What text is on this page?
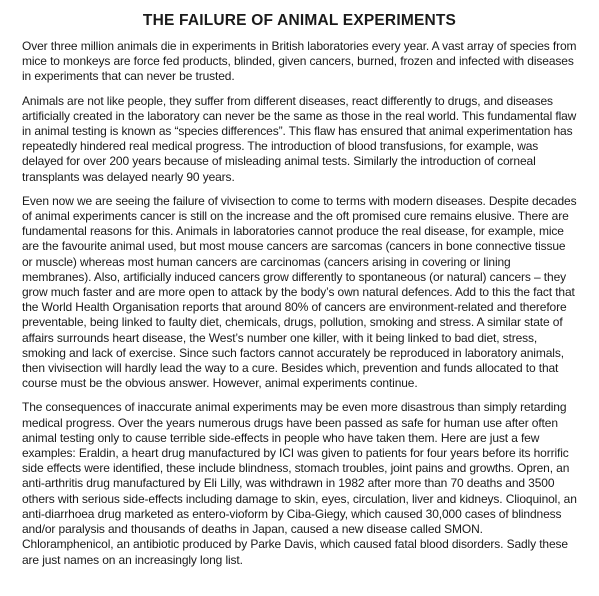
THE FAILURE OF ANIMAL EXPERIMENTS

Over three million animals die in experiments in British laboratories every year. A vast array of species from mice to monkeys are force fed products, blinded, given cancers, burned, frozen and infected with diseases in experiments that can never be trusted.

Animals are not like people, they suffer from different diseases, react differently to drugs, and diseases artificially created in the laboratory can never be the same as those in the real world. This fundamental flaw in animal testing is known as “species differences”. This flaw has ensured that animal experimentation has repeatedly hindered real medical progress. The introduction of blood transfusions, for example, was delayed for over 200 years because of misleading animal tests. Similarly the introduction of corneal transplants was delayed nearly 90 years.

Even now we are seeing the failure of vivisection to come to terms with modern diseases. Despite decades of animal experiments cancer is still on the increase and the oft promised cure remains elusive. There are fundamental reasons for this. Animals in laboratories cannot produce the real disease, for example, mice are the favourite animal used, but most mouse cancers are sarcomas (cancers in bone connective tissue or muscle) whereas most human cancers are carcinomas (cancers arising in covering or lining membranes). Also, artificially induced cancers grow differently to spontaneous (or natural) cancers – they grow much faster and are more open to attack by the body’s own natural defences. Add to this the fact that the World Health Organisation reports that around 80% of cancers are environment-related and therefore preventable, being linked to faulty diet, chemicals, drugs, pollution, smoking and stress. A similar state of affairs surrounds heart disease, the West’s number one killer, with it being linked to bad diet, stress, smoking and lack of exercise. Since such factors cannot accurately be reproduced in laboratory animals, then vivisection will hardly lead the way to a cure. Besides which, prevention and funds allocated to that course must be the obvious answer. However, animal experiments continue.

The consequences of inaccurate animal experiments may be even more disastrous than simply retarding medical progress. Over the years numerous drugs have been passed as safe for human use after often animal testing only to cause terrible side-effects in people who have taken them. Here are just a few examples: Eraldin, a heart drug manufactured by ICI was given to patients for four years before its horrific side effects were identified, these include blindness, stomach troubles, joint pains and growths. Opren, an anti-arthritis drug manufactured by Eli Lilly, was withdrawn in 1982 after more than 70 deaths and 3500 others with serious side-effects including damage to skin, eyes, circulation, liver and kidneys. Clioquinol, an anti-diarrhoea drug marketed as entero-vioform by Ciba-Giegy, which caused 30,000 cases of blindness and/or paralysis and thousands of deaths in Japan, caused a new disease called SMON. Chloramphenicol, an antibiotic produced by Parke Davis, which caused fatal blood disorders. Sadly these are just names on an increasingly long list.
